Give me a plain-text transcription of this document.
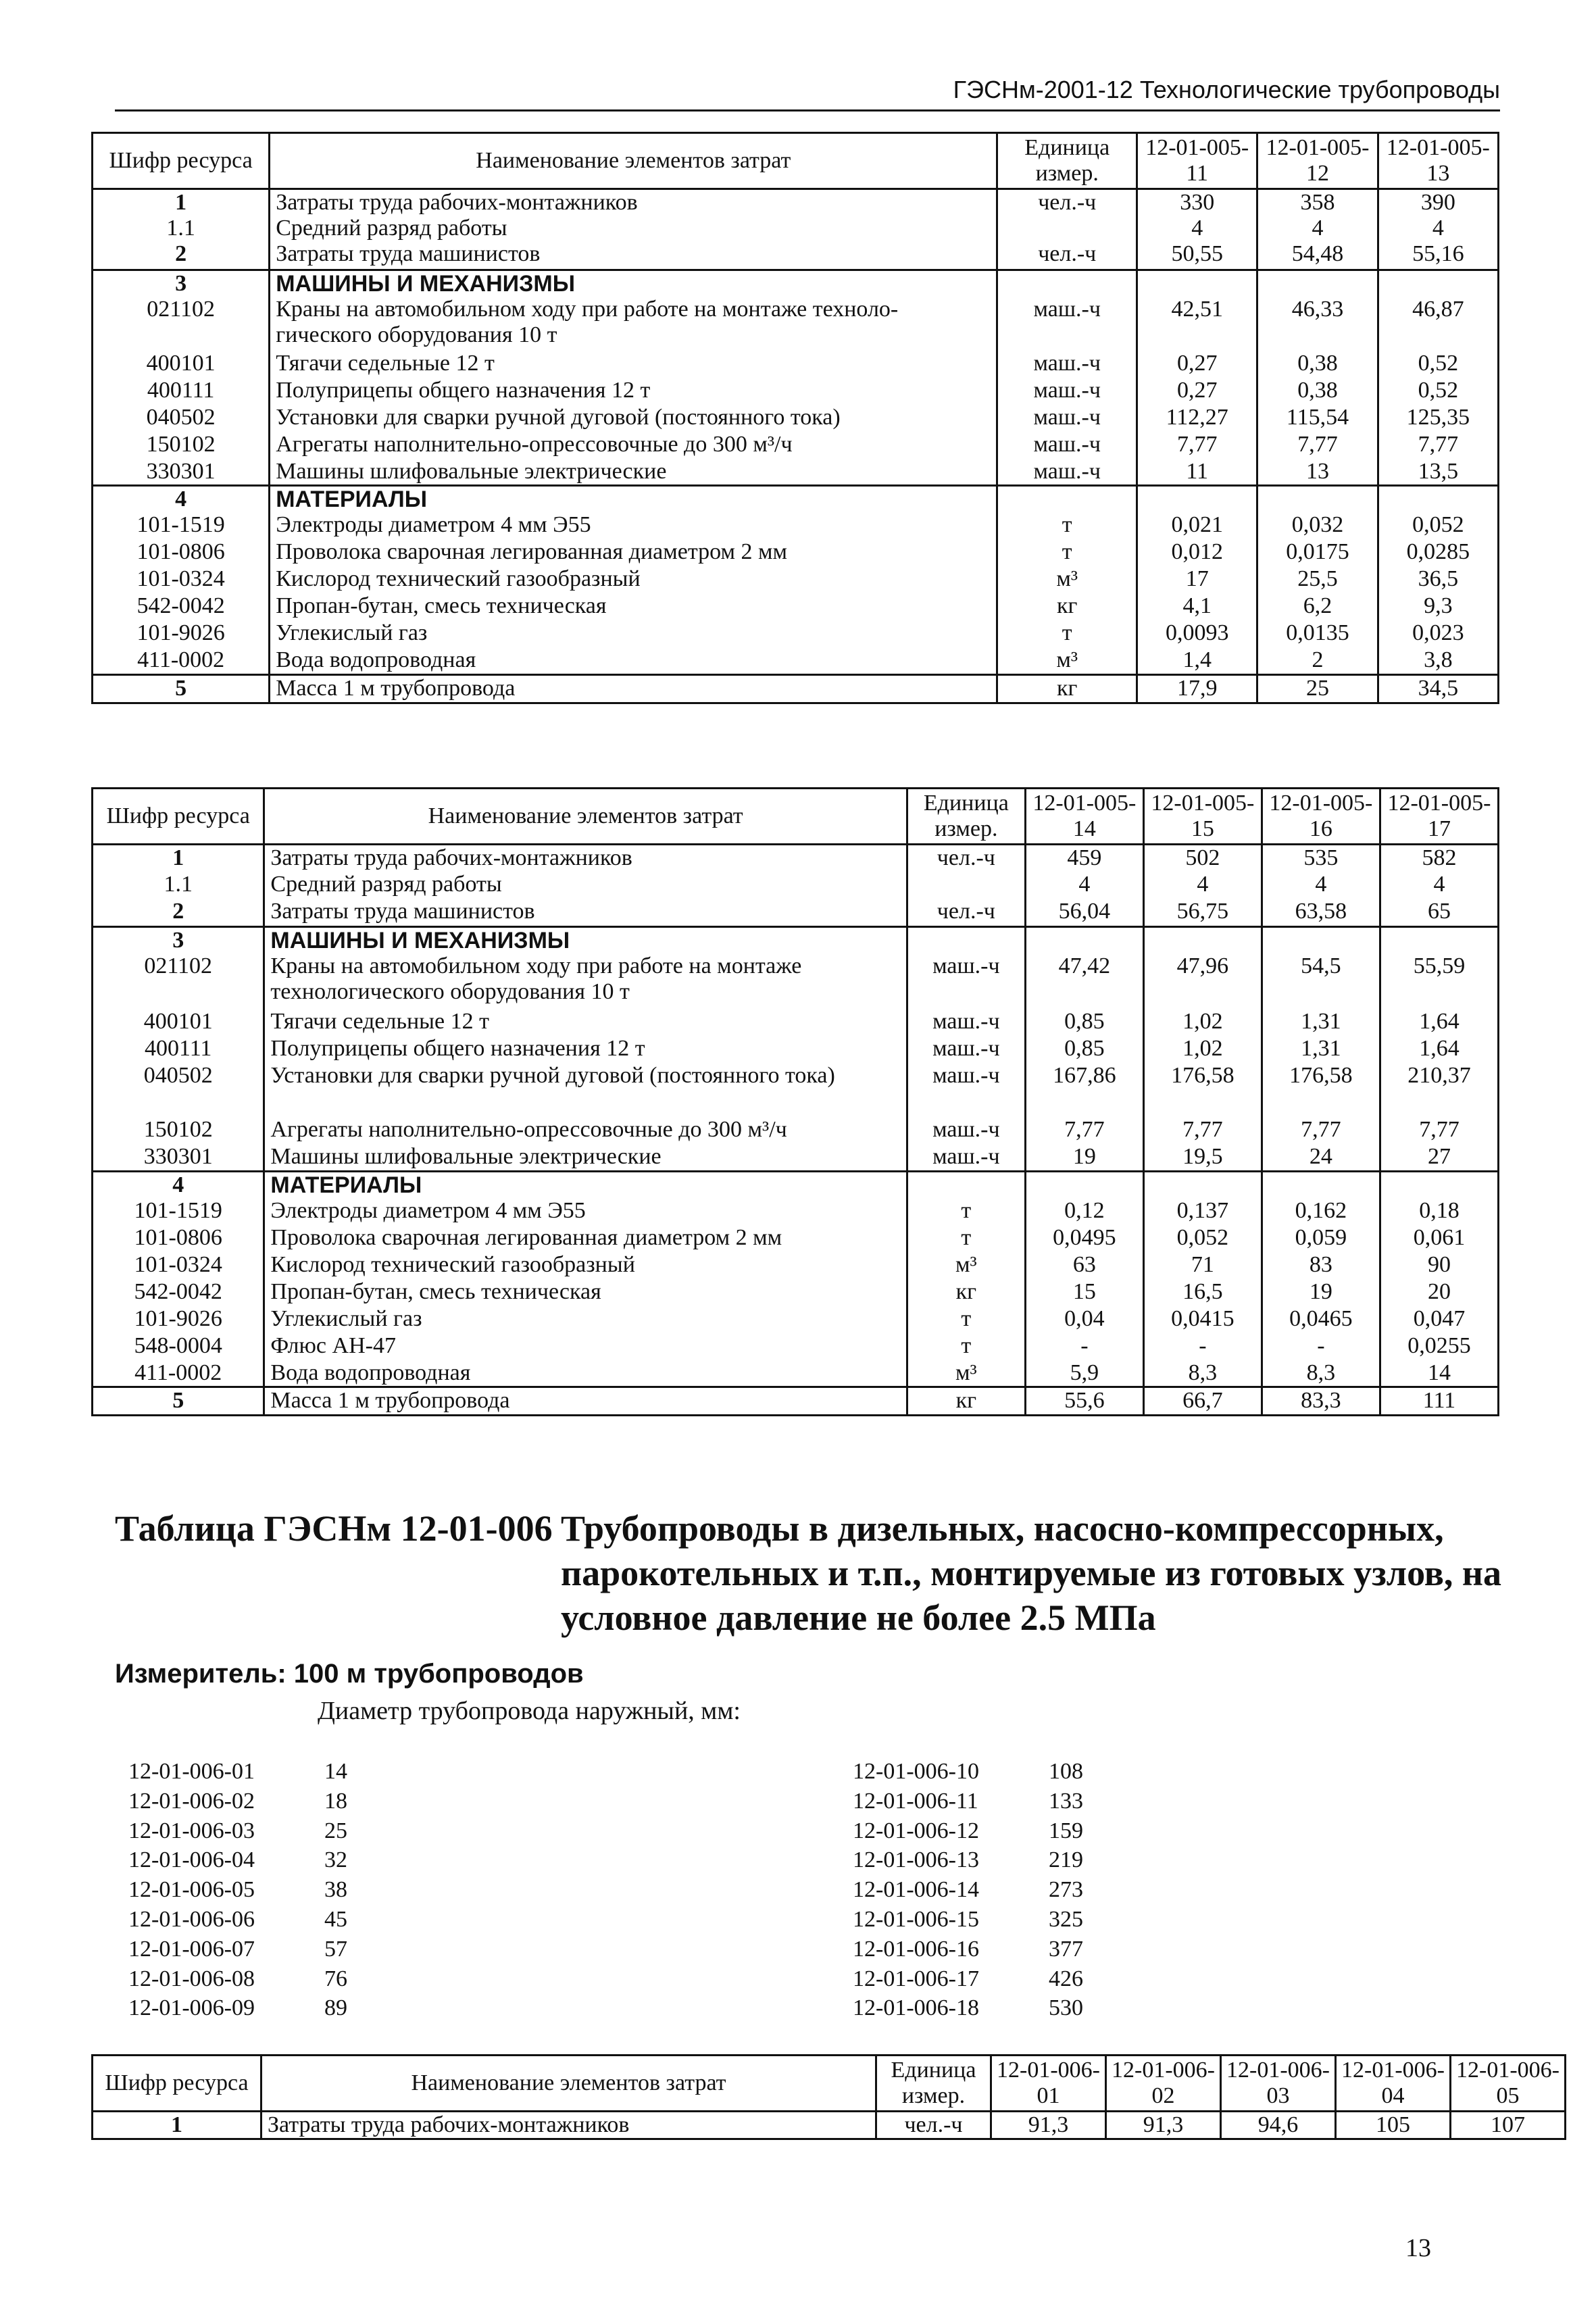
ГЭСНм-2001-12 Технологические трубопроводы
Шифр ресурса	Наименование элементов затрат	Единица измер.	12-01-005-11	12-01-005-12	12-01-005-13
1	Затраты труда рабочих-монтажников	чел.-ч	330	358	390
1.1	Средний разряд работы		4	4	4
2	Затраты труда машинистов	чел.-ч	50,55	54,48	55,16
3	МАШИНЫ И МЕХАНИЗМЫ				
021102	Краны на автомобильном ходу при работе на монтаже техноло-гического оборудования 10 т	маш.-ч	42,51	46,33	46,87
400101	Тягачи седельные 12 т	маш.-ч	0,27	0,38	0,52
400111	Полуприцепы общего назначения 12 т	маш.-ч	0,27	0,38	0,52
040502	Установки для сварки ручной дуговой (постоянного тока)	маш.-ч	112,27	115,54	125,35
150102	Агрегаты наполнительно-опрессовочные до 300 м³/ч	маш.-ч	7,77	7,77	7,77
330301	Машины шлифовальные электрические	маш.-ч	11	13	13,5
4	МАТЕРИАЛЫ				
101-1519	Электроды диаметром 4 мм Э55	т	0,021	0,032	0,052
101-0806	Проволока сварочная легированная диаметром 2 мм	т	0,012	0,0175	0,0285
101-0324	Кислород технический газообразный	м³	17	25,5	36,5
542-0042	Пропан-бутан, смесь техническая	кг	4,1	6,2	9,3
101-9026	Углекислый газ	т	0,0093	0,0135	0,023
411-0002	Вода водопроводная	м³	1,4	2	3,8
5	Масса 1 м трубопровода	кг	17,9	25	34,5
Шифр ресурса	Наименование элементов затрат	Единица измер.	12-01-005-14	12-01-005-15	12-01-005-16	12-01-005-17
1	Затраты труда рабочих-монтажников	чел.-ч	459	502	535	582
1.1	Средний разряд работы		4	4	4	4
2	Затраты труда машинистов	чел.-ч	56,04	56,75	63,58	65
3	МАШИНЫ И МЕХАНИЗМЫ					
021102	Краны на автомобильном ходу при работе на монтаже технологического оборудования 10 т	маш.-ч	47,42	47,96	54,5	55,59
400101	Тягачи седельные 12 т	маш.-ч	0,85	1,02	1,31	1,64
400111	Полуприцепы общего назначения 12 т	маш.-ч	0,85	1,02	1,31	1,64
040502	Установки для сварки ручной дуговой (постоянного тока)	маш.-ч	167,86	176,58	176,58	210,37
150102	Агрегаты наполнительно-опрессовочные до 300 м³/ч	маш.-ч	7,77	7,77	7,77	7,77
330301	Машины шлифовальные электрические	маш.-ч	19	19,5	24	27
4	МАТЕРИАЛЫ					
101-1519	Электроды диаметром 4 мм Э55	т	0,12	0,137	0,162	0,18
101-0806	Проволока сварочная легированная диаметром 2 мм	т	0,0495	0,052	0,059	0,061
101-0324	Кислород технический газообразный	м³	63	71	83	90
542-0042	Пропан-бутан, смесь техническая	кг	15	16,5	19	20
101-9026	Углекислый газ	т	0,04	0,0415	0,0465	0,047
548-0004	Флюс АН-47	т	-	-	-	0,0255
411-0002	Вода водопроводная	м³	5,9	8,3	8,3	14
5	Масса 1 м трубопровода	кг	55,6	66,7	83,3	111
Таблица ГЭСНм 12-01-006 Трубопроводы в дизельных, насосно-компрессорных, парокотельных и т.п., монтируемые из готовых узлов, на условное давление не более 2.5 МПа
Измеритель: 100 м трубопроводов
Диаметр трубопровода наружный, мм:
12-01-006-01	14
12-01-006-02	18
12-01-006-03	25
12-01-006-04	32
12-01-006-05	38
12-01-006-06	45
12-01-006-07	57
12-01-006-08	76
12-01-006-09	89
12-01-006-10	108
12-01-006-11	133
12-01-006-12	159
12-01-006-13	219
12-01-006-14	273
12-01-006-15	325
12-01-006-16	377
12-01-006-17	426
12-01-006-18	530
Шифр ресурса	Наименование элементов затрат	Единица измер.	12-01-006-01	12-01-006-02	12-01-006-03	12-01-006-04	12-01-006-05
1	Затраты труда рабочих-монтажников	чел.-ч	91,3	91,3	94,6	105	107
13
